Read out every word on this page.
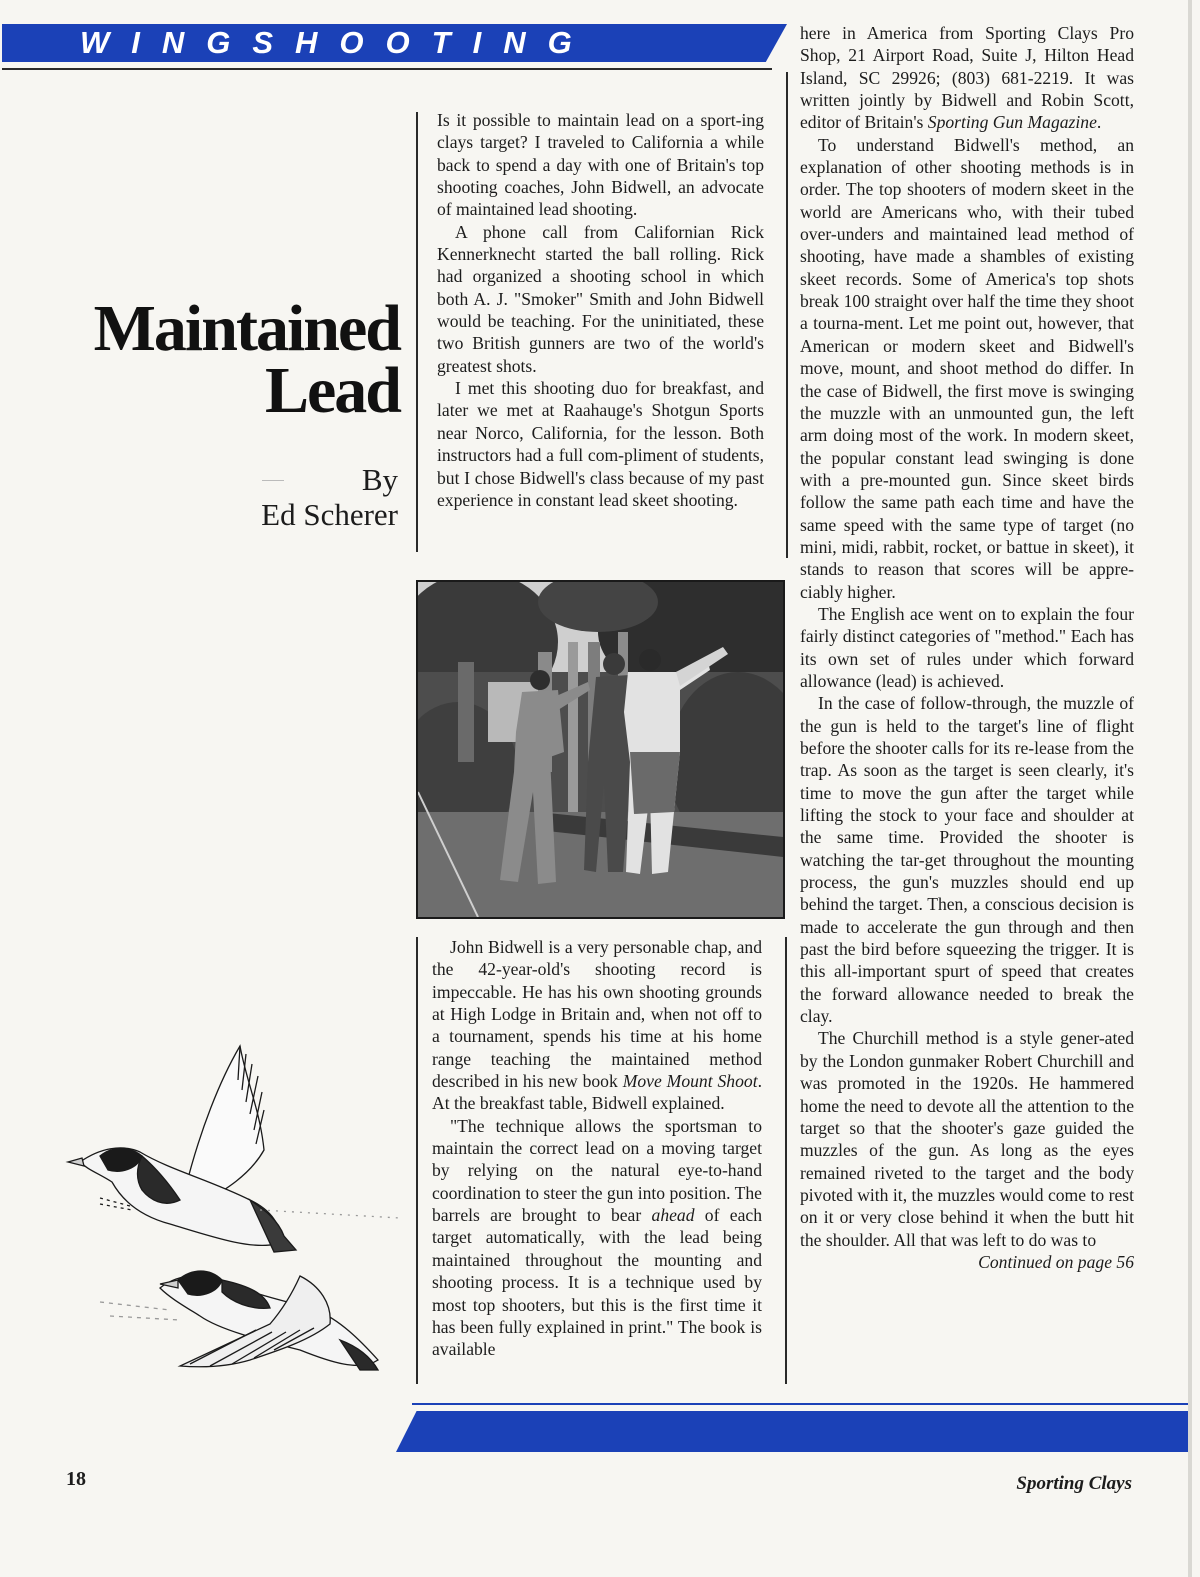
WINGSHOOTING
Maintained
Lead
By
Ed Scherer

Is it possible to maintain lead on a sport-ing clays target? I traveled to California a while back to spend a day with one of Britain's top shooting coaches, John Bidwell, an advocate of maintained lead shooting.

A phone call from Californian Rick Kennerknecht started the ball rolling. Rick had organized a shooting school in which both A. J. "Smoker" Smith and John Bidwell would be teaching. For the uninitiated, these two British gunners are two of the world's greatest shots.

I met this shooting duo for breakfast, and later we met at Raahauge's Shotgun Sports near Norco, California, for the lesson. Both instructors had a full com-pliment of students, but I chose Bidwell's class because of my past experience in constant lead skeet shooting.

John Bidwell is a very personable chap, and the 42-year-old's shooting record is impeccable. He has his own shooting grounds at High Lodge in Britain and, when not off to a tournament, spends his time at his home range teaching the maintained method described in his new book Move Mount Shoot. At the breakfast table, Bidwell explained.

"The technique allows the sportsman to maintain the correct lead on a moving target by relying on the natural eye-to-hand coordination to steer the gun into position. The barrels are brought to bear ahead of each target automatically, with the lead being maintained throughout the mounting and shooting process. It is a technique used by most top shooters, but this is the first time it has been fully explained in print." The book is available

here in America from Sporting Clays Pro Shop, 21 Airport Road, Suite J, Hilton Head Island, SC 29926; (803) 681-2219. It was written jointly by Bidwell and Robin Scott, editor of Britain's Sporting Gun Magazine.

To understand Bidwell's method, an explanation of other shooting methods is in order. The top shooters of modern skeet in the world are Americans who, with their tubed over-unders and maintained lead method of shooting, have made a shambles of existing skeet records. Some of America's top shots break 100 straight over half the time they shoot a tourna-ment. Let me point out, however, that American or modern skeet and Bidwell's move, mount, and shoot method do differ. In the case of Bidwell, the first move is swinging the muzzle with an unmounted gun, the left arm doing most of the work. In modern skeet, the popular constant lead swinging is done with a pre-mounted gun. Since skeet birds follow the same path each time and have the same speed with the same type of target (no mini, midi, rabbit, rocket, or battue in skeet), it stands to reason that scores will be appre-ciably higher.

The English ace went on to explain the four fairly distinct categories of "method." Each has its own set of rules under which forward allowance (lead) is achieved.

In the case of follow-through, the muzzle of the gun is held to the target's line of flight before the shooter calls for its re-lease from the trap. As soon as the target is seen clearly, it's time to move the gun after the target while lifting the stock to your face and shoulder at the same time. Provided the shooter is watching the tar-get throughout the mounting process, the gun's muzzles should end up behind the target. Then, a conscious decision is made to accelerate the gun through and then past the bird before squeezing the trigger. It is this all-important spurt of speed that creates the forward allowance needed to break the clay.

The Churchill method is a style gener-ated by the London gunmaker Robert Churchill and was promoted in the 1920s. He hammered home the need to devote all the attention to the target so that the shooter's gaze guided the muzzles of the gun. As long as the eyes remained riveted to the target and the body pivoted with it, the muzzles would come to rest on it or very close behind it when the butt hit the shoulder. All that was left to do was to

Continued on page 56

18	Sporting Clays
